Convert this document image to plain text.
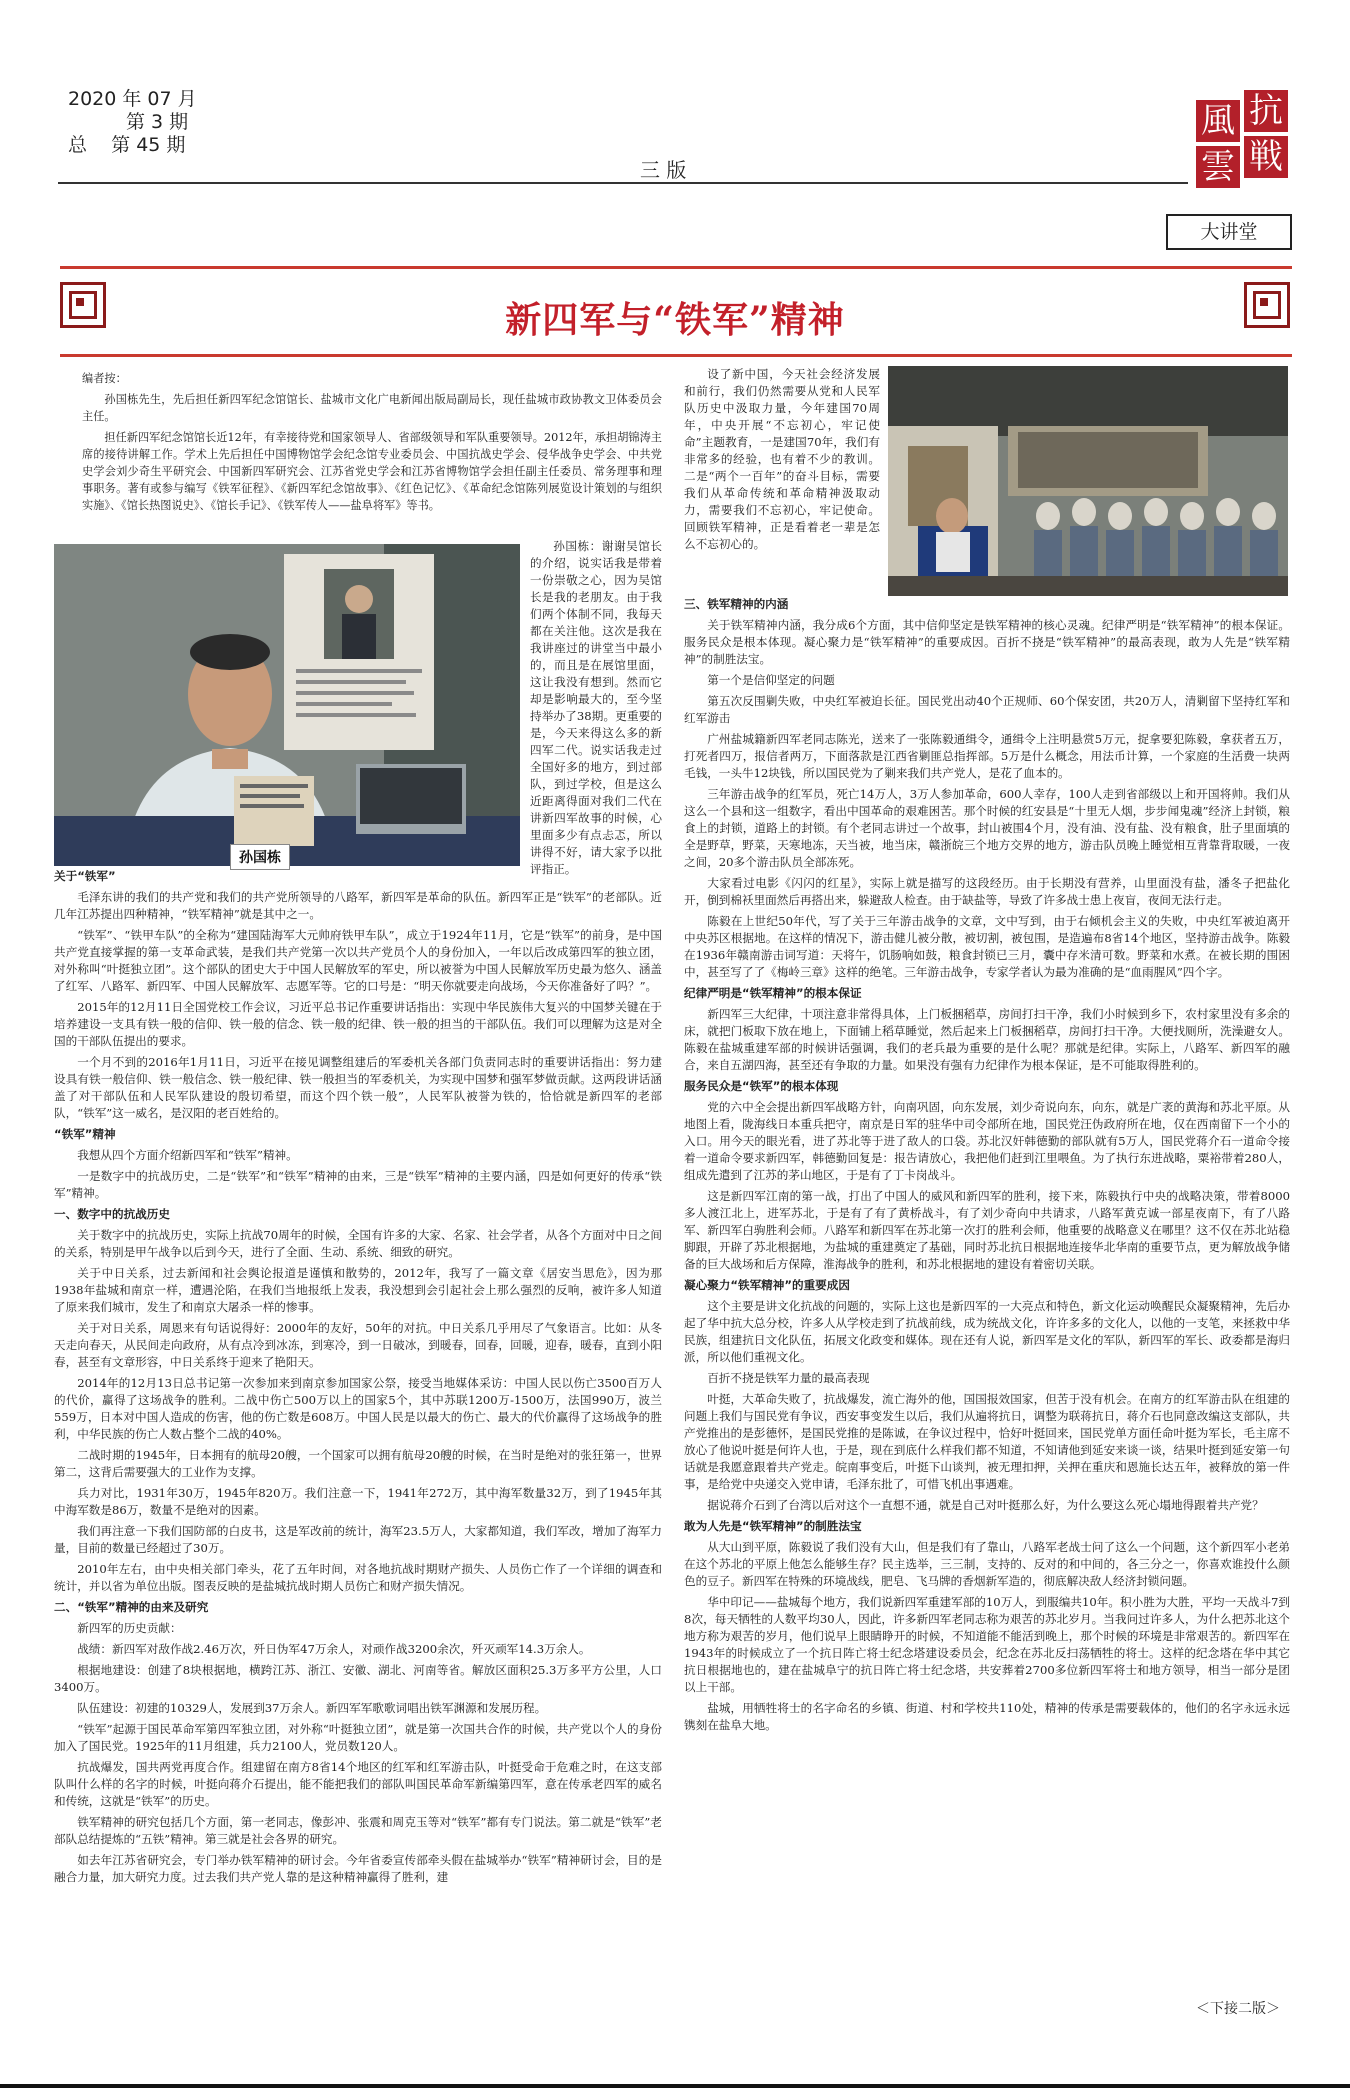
2020 年 07 月
第 3 期
总    第 45 期
三 版
抗
風
戦
雲
大讲堂
新四军与“铁军”精神

编者按：

孙国栋先生，先后担任新四军纪念馆馆长、盐城市文化广电新闻出版局副局长，现任盐城市政协教文卫体委员会主任。

担任新四军纪念馆馆长近12年，有幸接待党和国家领导人、省部级领导和军队重要领导。2012年，承担胡锦涛主席的接待讲解工作。学术上先后担任中国博物馆学会纪念馆专业委员会、中国抗战史学会、侵华战争史学会、中共党史学会刘少奇生平研究会、中国新四军研究会、江苏省党史学会和江苏省博物馆学会担任副主任委员、常务理事和理事职务。著有或参与编写《铁军征程》、《新四军纪念馆故事》、《红色记忆》、《革命纪念馆陈列展览设计策划的与组织实施》、《馆长热图说史》、《馆长手记》、《铁军传人——盐阜将军》等书。

孙国栋

孙国栋：谢谢吴馆长的介绍，说实话我是带着一份崇敬之心，因为吴馆长是我的老朋友。由于我们两个体制不同，我每天都在关注他。这次是我在我讲座过的讲堂当中最小的，而且是在展馆里面，这让我没有想到。然而它却是影响最大的，至今坚持举办了38期。更重要的是，今天来得这么多的新四军二代。说实话我走过全国好多的地方，到过部队，到过学校，但是这么近距离得面对我们二代在讲新四军故事的时候，心里面多少有点忐忑，所以讲得不好，请大家予以批评指正。

关于“铁军”

毛泽东讲的我们的共产党和我们的共产党所领导的八路军，新四军是革命的队伍。新四军正是“铁军”的老部队。近几年江苏提出四种精神，“铁军精神”就是其中之一。

“铁军”、“铁甲车队”的全称为“建国陆海军大元帅府铁甲车队”，成立于1924年11月，它是“铁军”的前身，是中国共产党直接掌握的第一支革命武装，是我们共产党第一次以共产党员个人的身份加入，一年以后改成第四军的独立团，对外称叫“叶挺独立团”。这个部队的团史大于中国人民解放军的军史，所以被誉为中国人民解放军历史最为悠久、涵盖了红军、八路军、新四军、中国人民解放军、志愿军等。它的口号是：“明天你就要走向战场，今天你准备好了吗？”。

2015年的12月11日全国党校工作会议，习近平总书记作重要讲话指出：实现中华民族伟大复兴的中国梦关键在于培养建设一支具有铁一般的信仰、铁一般的信念、铁一般的纪律、铁一般的担当的干部队伍。我们可以理解为这是对全国的干部队伍提出的要求。

一个月不到的2016年1月11日，习近平在接见调整组建后的军委机关各部门负责同志时的重要讲话指出：努力建设具有铁一般信仰、铁一般信念、铁一般纪律、铁一般担当的军委机关，为实现中国梦和强军梦做贡献。这两段讲话涵盖了对干部队伍和人民军队建设的殷切希望，而这个四个铁一般”，人民军队被誉为铁的，恰恰就是新四军的老部队，“铁军”这一威名，是汉阳的老百姓给的。

“铁军”精神

我想从四个方面介绍新四军和“铁军”精神。

一是数字中的抗战历史，二是“铁军”和“铁军”精神的由来，三是“铁军”精神的主要内涵，四是如何更好的传承“铁军”精神。

一、数字中的抗战历史

关于数字中的抗战历史，实际上抗战70周年的时候，全国有许多的大家、名家、社会学者，从各个方面对中日之间的关系，特别是甲午战争以后到今天，进行了全面、生动、系统、细致的研究。

关于中日关系，过去新闻和社会舆论报道是谨慎和散势的，2012年，我写了一篇文章《居安当思危》，因为那1938年盐城和南京一样，遭遇沦陷，在我们当地报纸上发表，我没想到会引起社会上那么强烈的反响，被许多人知道了原来我们城市，发生了和南京大屠杀一样的惨事。

关于对日关系，周恩来有句话说得好：2000年的友好，50年的对抗。中日关系几乎用尽了气象语言。比如：从冬天走向春天，从民间走向政府，从有点冷到冰冻，到寒冷，到一日破冰，到暖春，回春，回暖，迎春，暖春，直到小阳春，甚至有文章形容，中日关系终于迎来了艳阳天。

2014年的12月13日总书记第一次参加来到南京参加国家公祭，接受当地媒体采访：中国人民以伤亡3500百万人的代价，赢得了这场战争的胜利。二战中伤亡500万以上的国家5个，其中苏联1200万-1500万，法国990万，波兰559万，日本对中国人造成的伤害，他的伤亡数是608万。中国人民是以最大的伤亡、最大的代价赢得了这场战争的胜利，中华民族的伤亡人数占整个二战的40%。

二战时期的1945年，日本拥有的航母20艘，一个国家可以拥有航母20艘的时候，在当时是绝对的张狂第一，世界第二，这背后需要强大的工业作为支撑。

兵力对比，1931年30万，1945年820万。我们注意一下，1941年272万，其中海军数量32万，到了1945年其中海军数是86万，数量不是绝对的因素。

我们再注意一下我们国防部的白皮书，这是军改前的统计，海军23.5万人，大家都知道，我们军改，增加了海军力量，目前的数量已经超过了30万。

2010年左右，由中央相关部门牵头，花了五年时间，对各地抗战时期财产损失、人员伤亡作了一个详细的调查和统计，并以省为单位出版。图表反映的是盐城抗战时期人员伤亡和财产损失情况。

二、“铁军”精神的由来及研究

新四军的历史贡献：

战绩：新四军对敌作战2.46万次，歼日伪军47万余人，对顽作战3200余次，歼灭顽军14.3万余人。

根据地建设：创建了8块根据地，横跨江苏、浙江、安徽、湖北、河南等省。解放区面积25.3万多平方公里，人口3400万。

队伍建设：初建的10329人，发展到37万余人。新四军军歌歌词唱出铁军渊源和发展历程。

“铁军”起源于国民革命军第四军独立团，对外称“叶挺独立团”，就是第一次国共合作的时候，共产党以个人的身份加入了国民党。1925年的11月组建，兵力2100人，党员数120人。

抗战爆发，国共两党再度合作。组建留在南方8省14个地区的红军和红军游击队，叶挺受命于危难之时，在这支部队叫什么样的名字的时候，叶挺向蒋介石提出，能不能把我们的部队叫国民革命军新编第四军，意在传承老四军的威名和传统，这就是“铁军”的历史。

铁军精神的研究包括几个方面，第一老同志，像彭冲、张震和周克玉等对“铁军”都有专门说法。第二就是“铁军”老部队总结提炼的“五铁”精神。第三就是社会各界的研究。

如去年江苏省研究会，专门举办铁军精神的研讨会。今年省委宣传部牵头假在盐城举办“铁军”精神研讨会，目的是融合力量，加大研究力度。过去我们共产党人靠的是这种精神赢得了胜利，建

设了新中国，今天社会经济发展和前行，我们仍然需要从党和人民军队历史中汲取力量，今年建国70周年，中央开展“不忘初心，牢记使命”主题教育，一是建国70年，我们有非常多的经验，也有着不少的教训。二是“两个一百年”的奋斗目标，需要我们从革命传统和革命精神汲取动力，需要我们不忘初心，牢记使命。回顾铁军精神，正是看着老一辈是怎么不忘初心的。

三、铁军精神的内涵

关于铁军精神内涵，我分成6个方面，其中信仰坚定是铁军精神的核心灵魂。纪律严明是“铁军精神”的根本保证。服务民众是根本体现。凝心聚力是“铁军精神”的重要成因。百折不挠是“铁军精神”的最高表现，敢为人先是“铁军精神”的制胜法宝。

第一个是信仰坚定的问题

第五次反围剿失败，中央红军被迫长征。国民党出动40个正规师、60个保安团，共20万人，清剿留下坚持红军和红军游击

广州盐城籍新四军老同志陈光，送来了一张陈毅通缉令，通缉令上注明悬赏5万元，捉拿要犯陈毅，拿获者五万，打死者四万，报信者两万，下面落款是江西省剿匪总指挥部。5万是什么概念，用法币计算，一个家庭的生活费一块两毛钱，一头牛12块钱，所以国民党为了剿来我们共产党人，是花了血本的。

三年游击战争的红军员，死亡14万人，3万人参加革命，600人幸存，100人走到省部级以上和开国将帅。我们从这么一个县和这一组数字，看出中国革命的艰难困苦。那个时候的红安县是“十里无人烟，步步闻鬼魂”经济上封锁，粮食上的封锁，道路上的封锁。有个老同志讲过一个故事，封山被围4个月，没有油、没有盐、没有粮食，肚子里面填的全是野草，野菜，天寒地冻，天当被，地当床，赣浙皖三个地方交界的地方，游击队员晚上睡觉相互背靠背取暖，一夜之间，20多个游击队员全部冻死。

大家看过电影《闪闪的红星》，实际上就是描写的这段经历。由于长期没有营养，山里面没有盐，潘冬子把盐化开，倒到棉袄里面然后再搭出来，躲避敌人检查。由于缺盐等，导致了许多战士患上夜盲，夜间无法行走。

陈毅在上世纪50年代，写了关于三年游击战争的文章，文中写到，由于右倾机会主义的失败，中央红军被迫离开中央苏区根据地。在这样的情况下，游击健儿被分散，被切割，被包围，是造遍布8省14个地区，坚持游击战争。陈毅在1936年赣南游击词写道：天将午，饥肠响如鼓，粮食封锁已三月，囊中存米清可数。野菜和水煮。在被长期的围困中，甚至写了了《梅岭三章》这样的绝笔。三年游击战争，专家学者认为最为准确的是“血雨腥风”四个字。

纪律严明是“铁军精神”的根本保证

新四军三大纪律，十项注意非常得具体，上门板捆稻草，房间打扫干净，我们小时候到乡下，农村家里没有多余的床，就把门板取下放在地上，下面铺上稻草睡觉，然后起来上门板捆稻草，房间打扫干净。大便找厕所，洗澡避女人。陈毅在盐城重建军部的时候讲话强调，我们的老兵最为重要的是什么呢？那就是纪律。实际上，八路军、新四军的融合，来自五湖四海，甚至还有争取的力量。如果没有强有力纪律作为根本保证，是不可能取得胜利的。

服务民众是“铁军”的根本体现

党的六中全会提出新四军战略方针，向南巩固，向东发展，刘少奇说向东，向东，就是广袤的黄海和苏北平原。从地图上看，陇海线日本重兵把守，南京是日军的驻华中司令部所在地，国民党汪伪政府所在地，仅在西南留下一个小的入口。用今天的眼光看，进了苏北等于进了敌人的口袋。苏北汉奸韩德勤的部队就有5万人，国民党蒋介石一道命令接着一道命令要求新四军，韩德勤回复是：报告请放心，我把他们赶到江里喂鱼。为了执行东进战略，粟裕带着280人，组成先遣到了江苏的茅山地区，于是有了丁卡岗战斗。

这是新四军江南的第一战，打出了中国人的威风和新四军的胜利，接下来，陈毅执行中央的战略决策，带着8000多人渡江北上，进军苏北，于是有了有了黄桥战斗，有了刘少奇向中共请求，八路军黄克诚一部星夜南下，有了八路军、新四军白驹胜利会师。八路军和新四军在苏北第一次打的胜利会师，他重要的战略意义在哪里？这不仅在苏北站稳脚跟，开辟了苏北根据地，为盐城的重建奠定了基础，同时苏北抗日根据地连接华北华南的重要节点，更为解放战争储备的巨大战场和后方保障，淮海战争的胜利，和苏北根据地的建设有着密切关联。

凝心聚力“铁军精神”的重要成因

这个主要是讲文化抗战的问题的，实际上这也是新四军的一大亮点和特色，新文化运动唤醒民众凝聚精神，先后办起了华中抗大总分校，许多人从学校走到了抗战前线，成为统战文化，许许多多的文化人，以他的一支笔，来拯救中华民族，组建抗日文化队伍，拓展文化政变和媒体。现在还有人说，新四军是文化的军队，新四军的军长、政委都是海归派，所以他们重视文化。

百折不挠是铁军力量的最高表现

叶挺，大革命失败了，抗战爆发，流亡海外的他，国国报效国家，但苦于没有机会。在南方的红军游击队在组建的问题上我们与国民党有争议，西安事变发生以后，我们从遍将抗日，调整为联蒋抗日，蒋介石也同意改编这支部队，共产党推出的是彭德怀，是国民党推的是陈诚，在争议过程中，恰好叶挺回来，国民党单方面任命叶挺为军长，毛主席不放心了他说叶挺是何许人也，于是，现在到底什么样我们都不知道，不知请他到延安来谈一谈，结果叶挺到延安第一句话就是我愿意跟着共产党走。皖南事变后，叶挺下山谈判，被无理扣押，关押在重庆和恩施长达五年，被释放的第一件事，是给党中央递交入党申请，毛泽东批了，可惜飞机出事遇难。

据说蒋介石到了台湾以后对这个一直想不通，就是自己对叶挺那么好，为什么要这么死心塌地得跟着共产党？

敢为人先是“铁军精神”的制胜法宝

从大山到平原，陈毅说了我们没有大山，但是我们有了靠山，八路军老战士问了这么一个问题，这个新四军小老弟在这个苏北的平原上他怎么能够生存？民主选举，三三制，支持的、反对的和中间的，各三分之一，你喜欢谁投什么颜色的豆子。新四军在特殊的环境战线，肥皂、飞马牌的香烟新军造的，彻底解决敌人经济封锁问题。

华中印记——盐城每个地方，我们说新四军重建军部的10万人，到服编共10年。积小胜为大胜，平均一天战斗7到8次，每天牺牲的人数平均30人，因此，许多新四军老同志称为艰苦的苏北岁月。当我问过许多人，为什么把苏北这个地方称为艰苦的岁月，他们说早上眼睛睁开的时候，不知道能不能活到晚上，那个时候的环境是非常艰苦的。新四军在1943年的时候成立了一个抗日阵亡将士纪念塔建设委员会，纪念在苏北反扫荡牺牲的将士。这样的纪念塔在华中其它抗日根据地也的，建在盐城阜宁的抗日阵亡将士纪念塔，共安葬着2700多位新四军将士和地方领导，相当一部分是团以上干部。

盐城，用牺牲将士的名字命名的乡镇、街道、村和学校共110处，精神的传承是需要载体的，他们的名字永远永远镌刻在盐阜大地。

＜下接二版＞
